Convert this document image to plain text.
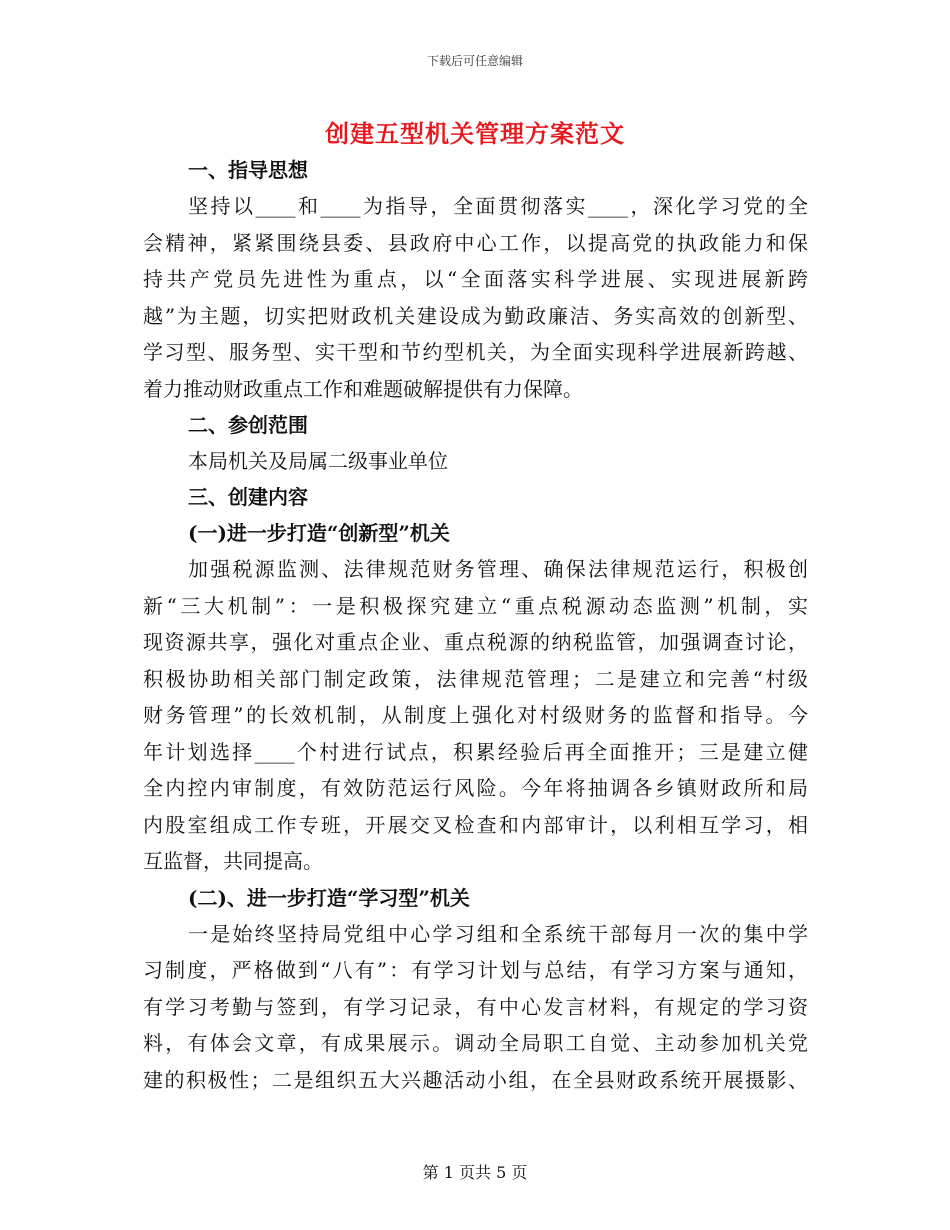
下载后可任意编辑
创建五型机关管理方案范文

一、指导思想

坚持以____和____为指导，全面贯彻落实____，深化学习党的全
会精神，紧紧围绕县委、县政府中心工作，以提高党的执政能力和保
持共产党员先进性为重点，以“全面落实科学进展、实现进展新跨
越”为主题，切实把财政机关建设成为勤政廉洁、务实高效的创新型、
学习型、服务型、实干型和节约型机关，为全面实现科学进展新跨越、
着力推动财政重点工作和难题破解提供有力保障。

二、参创范围

本局机关及局属二级事业单位

三、创建内容

(一)进一步打造“创新型”机关

加强税源监测、法律规范财务管理、确保法律规范运行，积极创
新“三大机制”：一是积极探究建立“重点税源动态监测”机制，实
现资源共享，强化对重点企业、重点税源的纳税监管，加强调查讨论，
积极协助相关部门制定政策，法律规范管理；二是建立和完善“村级
财务管理”的长效机制，从制度上强化对村级财务的监督和指导。今
年计划选择____个村进行试点，积累经验后再全面推开；三是建立健
全内控内审制度，有效防范运行风险。今年将抽调各乡镇财政所和局
内股室组成工作专班，开展交叉检查和内部审计，以利相互学习，相
互监督，共同提高。

(二)、进一步打造“学习型”机关

一是始终坚持局党组中心学习组和全系统干部每月一次的集中学
习制度，严格做到“八有”：有学习计划与总结，有学习方案与通知，
有学习考勤与签到，有学习记录，有中心发言材料，有规定的学习资
料，有体会文章，有成果展示。调动全局职工自觉、主动参加机关党
建的积极性；二是组织五大兴趣活动小组，在全县财政系统开展摄影、
第 1 页共 5 页
